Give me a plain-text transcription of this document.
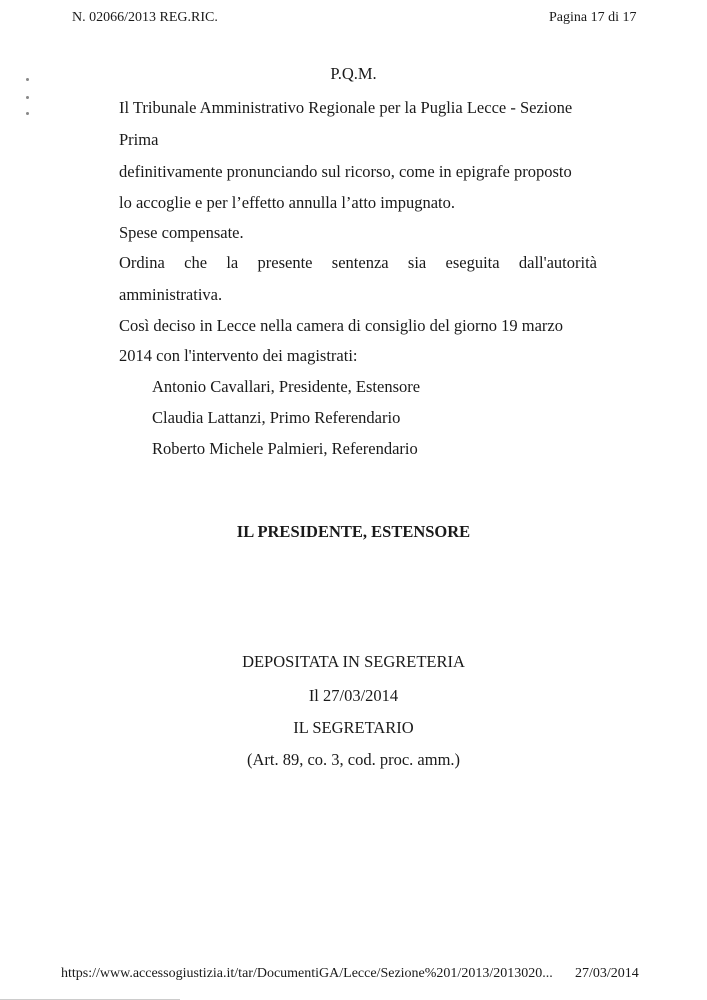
N. 02066/2013 REG.RIC.	Pagina 17 di 17
P.Q.M.
Il Tribunale Amministrativo Regionale per la Puglia Lecce - Sezione
Prima
definitivamente pronunciando sul ricorso, come in epigrafe proposto
lo accoglie e per l’effetto annulla l’atto impugnato.
Spese compensate.
Ordina che la presente sentenza sia eseguita dall'autorità
amministrativa.
Così deciso in Lecce nella camera di consiglio del giorno 19 marzo
2014 con l'intervento dei magistrati:
Antonio Cavallari, Presidente, Estensore
Claudia Lattanzi, Primo Referendario
Roberto Michele Palmieri, Referendario
IL PRESIDENTE, ESTENSORE
DEPOSITATA IN SEGRETERIA
Il 27/03/2014
IL SEGRETARIO
(Art. 89, co. 3, cod. proc. amm.)
https://www.accessogiustizia.it/tar/DocumentiGA/Lecce/Sezione%201/2013/2013020... 27/03/2014
